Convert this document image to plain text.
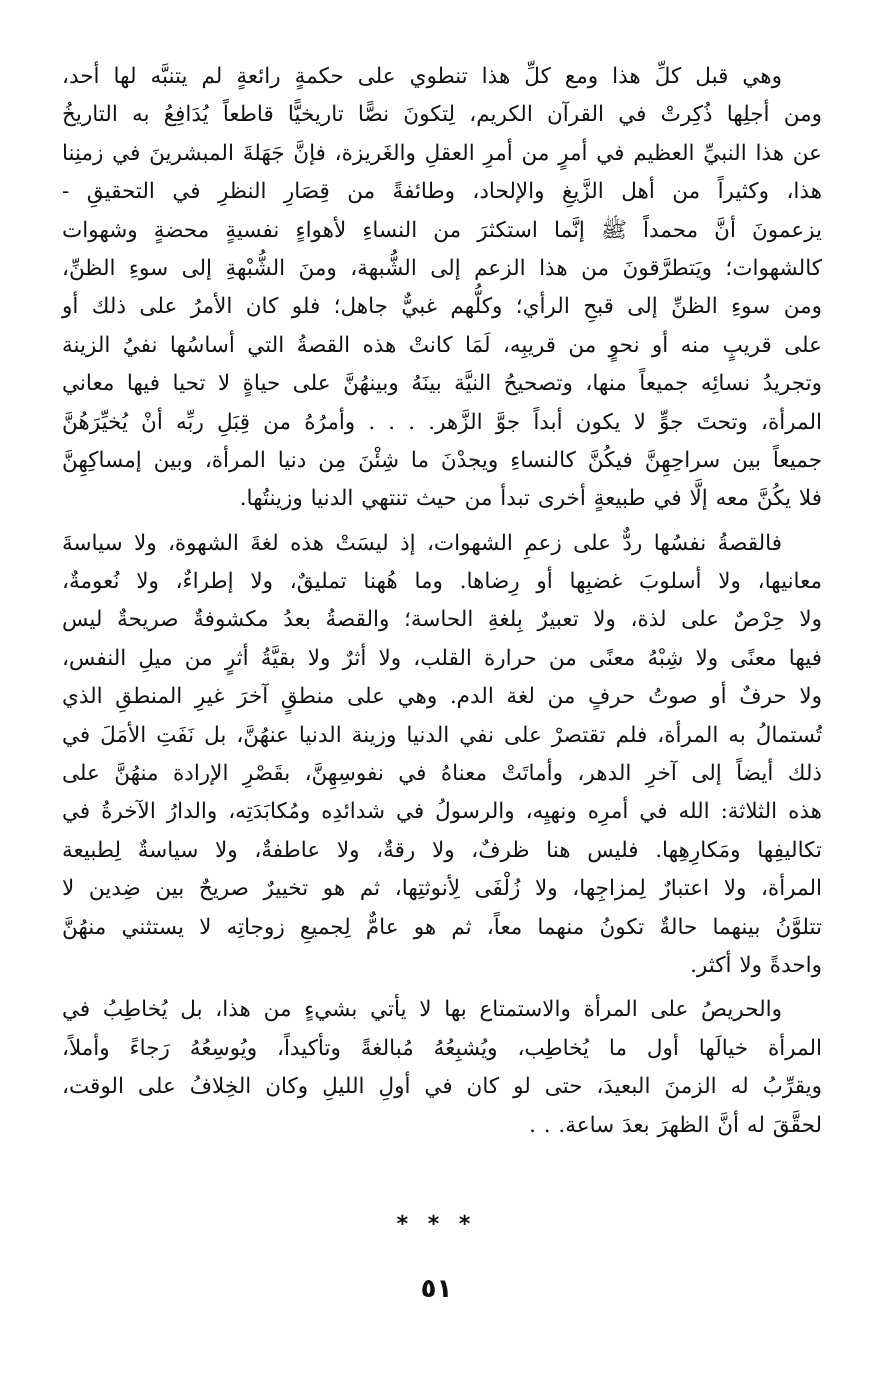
وهي قبل كلِّ هذا ومع كلِّ هذا تنطوي على حكمةٍ رائعةٍ لم يتنبَّه لها أحد،
ومن أجلِها ذُكِرتْ في القرآن الكريم، لِتكونَ نصًّا تاريخيًّا قاطعاً يُدَافِعُ به التاريخُ
عن هذا النبيِّ العظيم في أمرٍ من أمرِ العقلِ والغَريزة، فإنَّ جَهَلةَ المبشرينَ في زمنِنا
هذا، وكثيراً من أهل الزَّيغِ والإلحاد، وطائفةً من قِصَارِ النظرِ في التحقيقِ -
يزعمونَ أنَّ محمداً ﷺ إنَّما استكثرَ من النساءِ لأهواءٍ نفسيةٍ محضةٍ وشهوات
كالشهوات؛ ويَتطرَّقونَ من هذا الزعم إلى الشُّبهة، ومنَ الشُّبْهةِ إلى سوءِ الظنِّ،
ومن سوءِ الظنِّ إلى قبحِ الرأي؛ وكلُّهم غبيٌّ جاهل؛ فلو كان الأمرُ على ذلك أو
على قريبٍ منه أو نحوٍ من قريبِه، لَمَا كانتْ هذه القصةُ التي أساسُها نفيُ الزينة
وتجريدُ نسائِه جميعاً منها، وتصحيحُ النيَّة بينَهُ وبينهُنَّ على حياةٍ لا تحيا فيها معاني
المرأة، وتحتَ جوٍّ لا يكون أبداً جوَّ الزَّهر. . . . وأمرُهُ من قِبَلِ ربِّه أنْ يُخيِّرَهُنَّ
جميعاً بين سراحِهِنَّ فيكُنَّ كالنساءِ ويجدْنَ ما شِئْنَ مِن دنيا المرأة، وبين إمساكِهِنَّ
فلا يكُنَّ معه إلَّا في طبيعةٍ أخرى تبدأ من حيث تنتهي الدنيا وزينتُها.
فالقصةُ نفسُها ردٌّ على زعمِ الشهوات، إذ ليسَتْ هذه لغةَ الشهوة، ولا سياسةَ
معانيها، ولا أسلوبَ غضبِها أو رِضاها. وما هُهنا تمليقٌ، ولا إطراءٌ، ولا نُعومةٌ،
ولا حِرْصٌ على لذة، ولا تعبيرٌ بِلغةِ الحاسة؛ والقصةُ بعدُ مكشوفةٌ صريحةٌ ليس
فيها معنًى ولا شِبْهُ معنًى من حرارة القلب، ولا أثرٌ ولا بقيَّةُ أثرٍ من ميلِ النفس،
ولا حرفٌ أو صوتُ حرفٍ من لغة الدم. وهي على منطقٍ آخرَ غيرِ المنطقِ الذي
تُستمالُ به المرأة، فلم تقتصرْ على نفي الدنيا وزينة الدنيا عنهُنَّ، بل نَفَتِ الأمَلَ في
ذلك أيضاً إلى آخرِ الدهر، وأماتَتْ معناهُ في نفوسِهِنَّ، بقَصْرِ الإرادة منهُنَّ على
هذه الثلاثة: الله في أمرِه ونهيِه، والرسولُ في شدائدِه ومُكابَدَتِه، والدارُ الآخرةُ في
تكاليفِها ومَكارِهِها. فليس هنا ظرفٌ، ولا رقةٌ، ولا عاطفةٌ، ولا سياسةٌ لِطبيعة
المرأة، ولا اعتبارٌ لِمزاجِها، ولا زُلْفَى لِأنوثتِها، ثم هو تخييرٌ صريحٌ بين ضِدين لا
تتلوَّنُ بينهما حالةٌ تكونُ منهما معاً، ثم هو عامٌّ لِجميعِ زوجاتِه لا يستثني منهُنَّ
واحدةً ولا أكثر.
والحريصُ على المرأة والاستمتاع بها لا يأتي بشيءٍ من هذا، بل يُخاطِبُ في
المرأة خيالَها أول ما يُخاطِب، ويُشبِعُهُ مُبالغةً وتأكيداً، ويُوسِعُهُ رَجاءً وأملاً،
ويقرِّبُ له الزمنَ البعيدَ، حتى لو كان في أولِ الليلِ وكان الخِلافُ على الوقت،
لحقَّقَ له أنَّ الظهرَ بعدَ ساعة. . .
* * *
٥١
